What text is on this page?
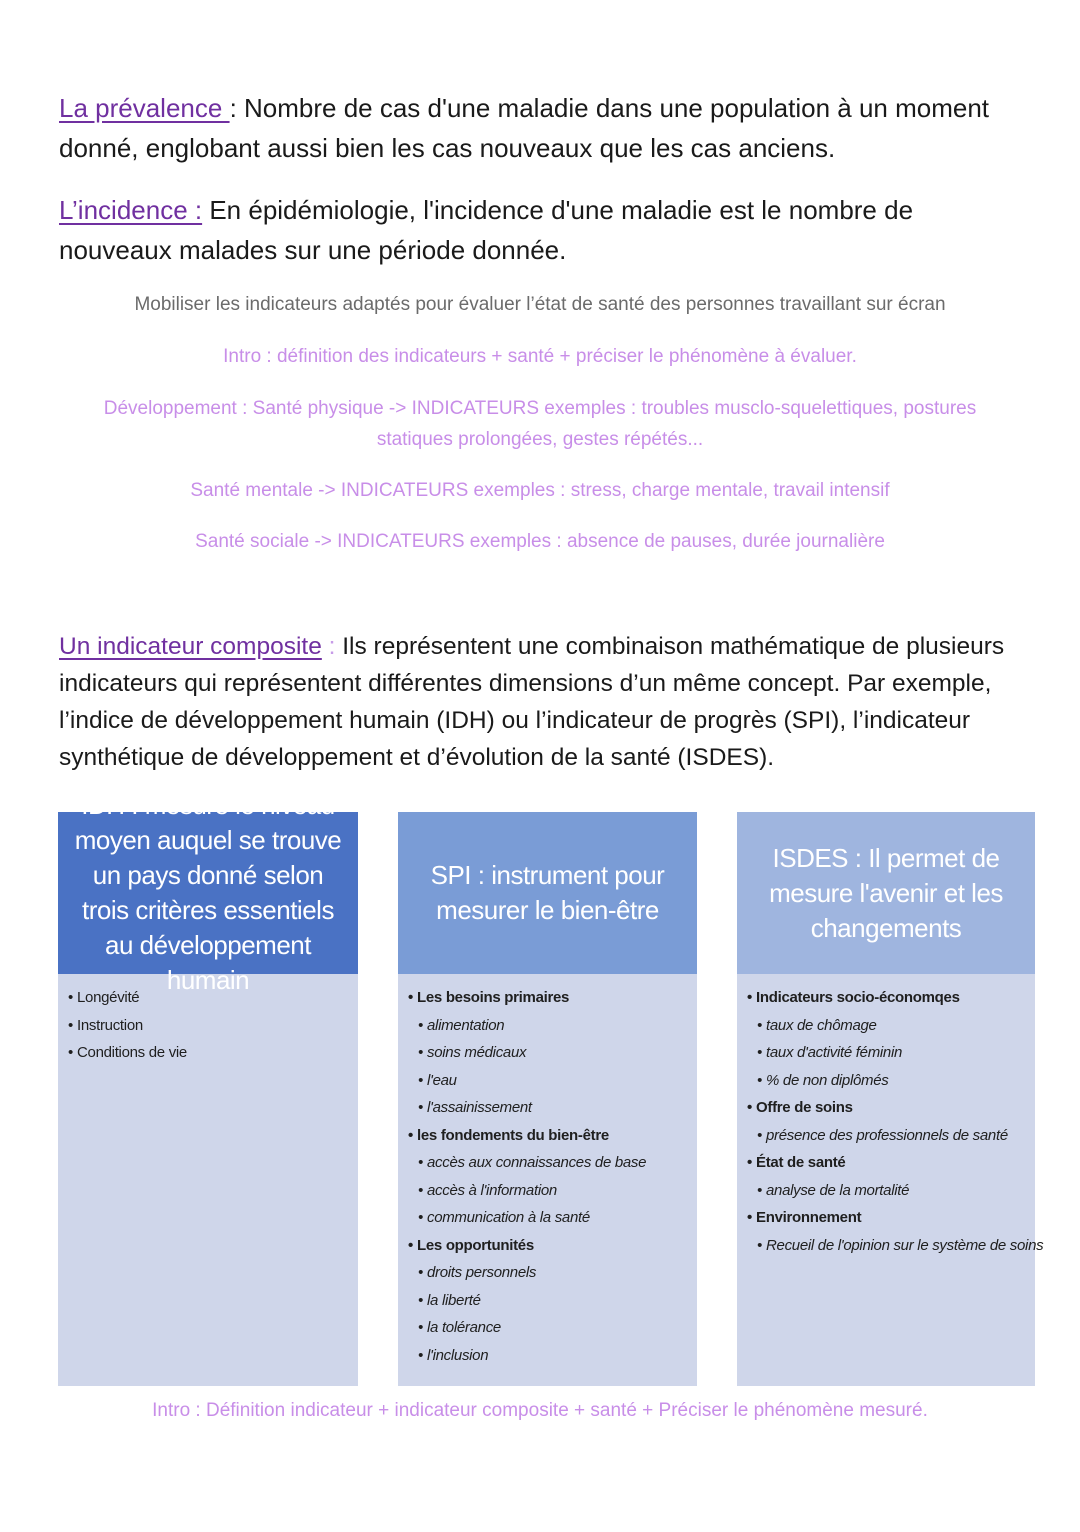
La prévalence : Nombre de cas d'une maladie dans une population à un moment donné, englobant aussi bien les cas nouveaux que les cas anciens.

L’incidence : En épidémiologie, l'incidence d'une maladie est le nombre de nouveaux malades sur une période donnée.

Mobiliser les indicateurs adaptés pour évaluer l’état de santé des personnes travaillant sur écran

Intro : définition des indicateurs + santé + préciser le phénomène à évaluer.

Développement : Santé physique -> INDICATEURS exemples : troubles musclo-squelettiques, postures

statiques prolongées, gestes répétés...

Santé mentale -> INDICATEURS exemples : stress, charge mentale, travail intensif

Santé sociale -> INDICATEURS exemples : absence de pauses, durée journalière

Un indicateur composite : Ils représentent une combinaison mathématique de plusieurs indicateurs qui représentent différentes dimensions d’un même concept. Par exemple, l’indice de développement humain (IDH) ou l’indicateur de progrès (SPI), l’indicateur synthétique de développement et d’évolution de la santé (ISDES).

IDH : mesure le niveau moyen auquel se trouve un pays donné selon trois critères essentiels au développement humain
• Longévité
• Instruction
• Conditions de vie
SPI : instrument pour mesurer le bien-être
• Les besoins primaires
• alimentation
• soins médicaux
• l'eau
• l'assainissement
• les fondements du bien-être
• accès aux connaissances de base
• accès à l'information
• communication à la santé
• Les opportunités
• droits personnels
• la liberté
• la tolérance
• l'inclusion
ISDES : Il permet de mesure l'avenir et les changements
• Indicateurs socio-économqes
• taux de chômage
• taux d'activité féminin
• % de non diplômés
• Offre de soins
• présence des professionnels de santé
• État de santé
• analyse de la mortalité
• Environnement
• Recueil de l'opinion sur le système de soins

Intro : Définition indicateur + indicateur composite + santé + Préciser le phénomène mesuré.
